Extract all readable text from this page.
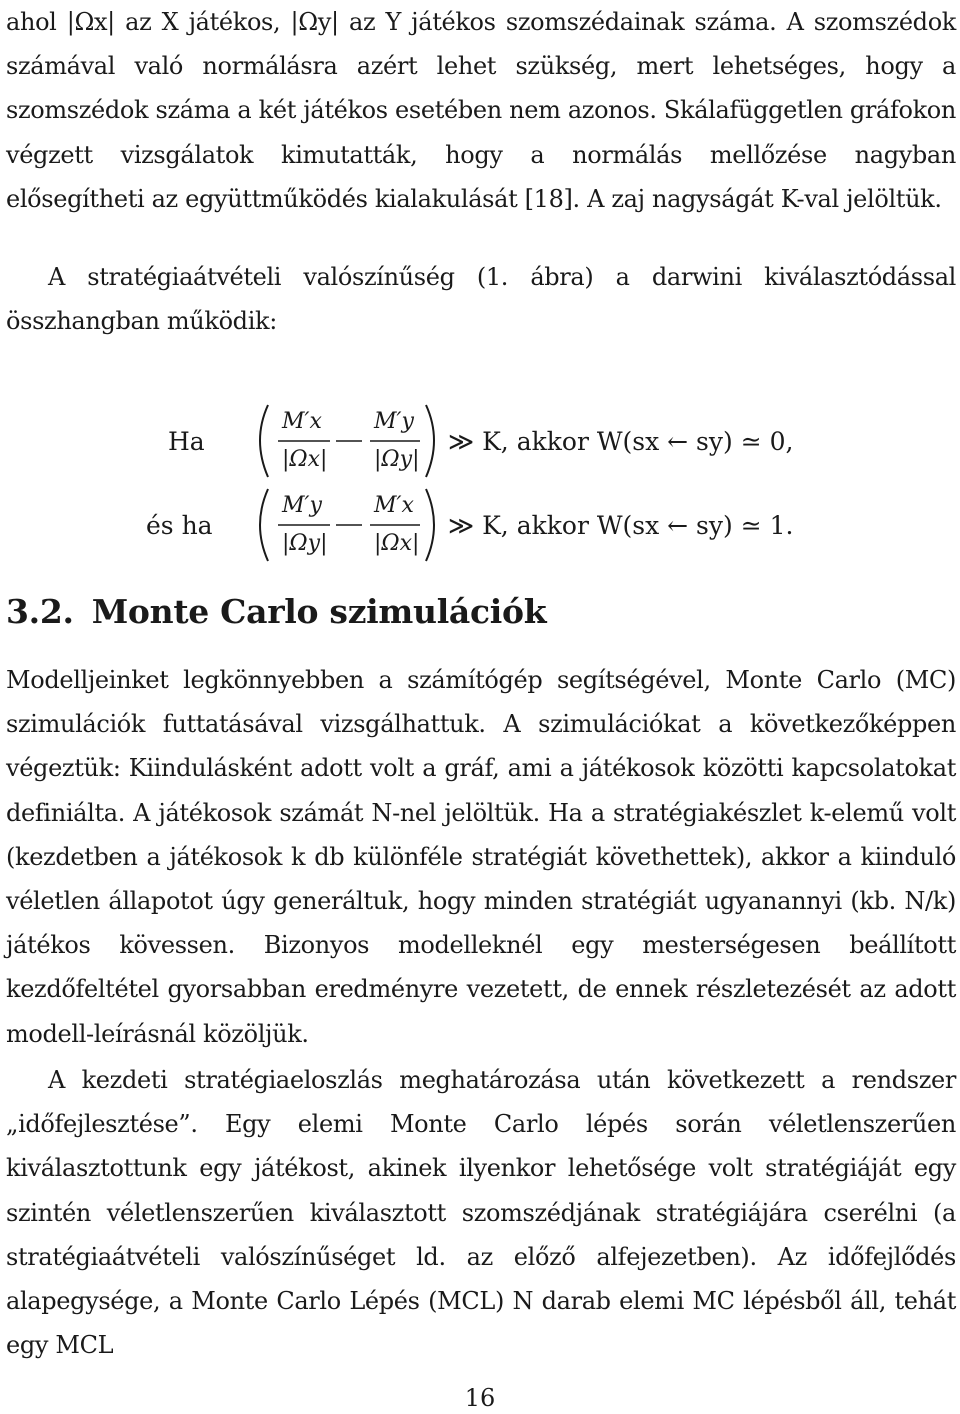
ahol |Ωx| az X játékos, |Ωy| az Y játékos szomszédainak száma. A szomszédok számával való normálásra azért lehet szükség, mert lehetséges, hogy a szomszédok száma a két játékos esetében nem azonos. Skálafüggetlen gráfokon végzett vizsgálatok kimutatták, hogy a normálás mellőzése nagyban elősegítheti az együttműködés kialakulását [18]. A zaj nagyságát K-val jelöltük.

A stratégiaátvételi valószínűség (1. ábra) a darwini kiválasztódással összhangban működik:

Ha
M′x
|Ωx|
M′y
|Ωy|
≫ K, akkor W(sx ← sy) ≃ 0,
és ha
M′y
|Ωy|
M′x
|Ωx|
≫ K, akkor W(sx ← sy) ≃ 1.
3.2. Monte Carlo szimulációk

Modelljeinket legkönnyebben a számítógép segítségével, Monte Carlo (MC) szimulációk futtatásával vizsgálhattuk. A szimulációkat a következőképpen végeztük: Kiindulásként adott volt a gráf, ami a játékosok közötti kapcsolatokat definiálta. A játékosok számát N-nel jelöltük. Ha a stratégiakészlet k-elemű volt (kezdetben a játékosok k db különféle stratégiát követhettek), akkor a kiinduló véletlen állapotot úgy generáltuk, hogy minden stratégiát ugyanannyi (kb. N/k) játékos kövessen. Bizonyos modelleknél egy mesterségesen beállított kezdőfeltétel gyorsabban eredményre vezetett, de ennek részletezését az adott modell-leírásnál közöljük.

A kezdeti stratégiaeloszlás meghatározása után következett a rendszer „időfejlesztése”. Egy elemi Monte Carlo lépés során véletlenszerűen kiválasztottunk egy játékost, akinek ilyenkor lehetősége volt stratégiáját egy szintén véletlenszerűen kiválasztott szomszédjának stratégiájára cserélni (a stratégiaátvételi valószínűséget ld. az előző alfejezetben). Az időfejlődés alapegysége, a Monte Carlo Lépés (MCL) N darab elemi MC lépésből áll, tehát egy MCL

16
